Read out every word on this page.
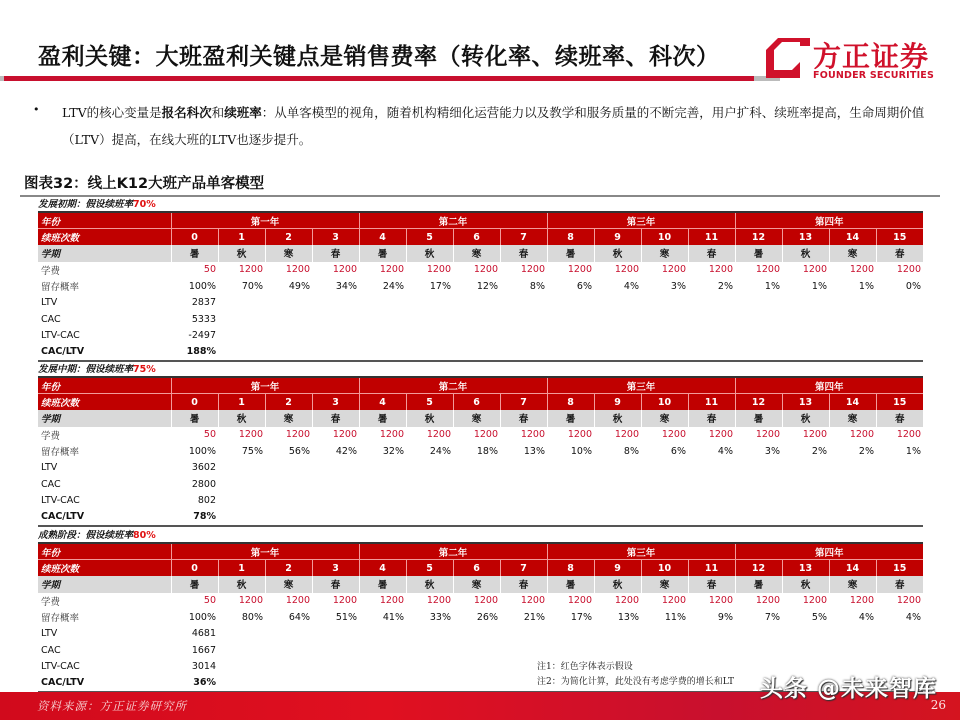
盈利关键：大班盈利关键点是销售费率（转化率、续班率、科次）	方正证券
FOUNDER SECURITIES
• LTV的核心变量是报名科次和续班率：从单客模型的视角，随着机构精细化运营能力以及教学和服务质量的不断完善，用户扩科、续班率提高，生命周期价值（LTV）提高，在线大班的LTV也逐步提升。
图表32：线上K12大班产品单客模型
发展初期：假设续班率70%
年份	第一年				第二年				第三年				第四年			
续班次数	0	1	2	3	4	5	6	7	8	9	10	11	12	13	14	15
学期	暑	秋	寒	春	暑	秋	寒	春	暑	秋	寒	春	暑	秋	寒	春
学费	50	1200	1200	1200	1200	1200	1200	1200	1200	1200	1200	1200	1200	1200	1200	1200
留存概率	100%	70%	49%	34%	24%	17%	12%	8%	6%	4%	3%	2%	1%	1%	1%	0%
LTV	2837															
CAC	5333															
LTV-CAC	-2497															
CAC/LTV	188%															
发展中期：假设续班率75%
年份	第一年				第二年				第三年				第四年			
续班次数	0	1	2	3	4	5	6	7	8	9	10	11	12	13	14	15
学期	暑	秋	寒	春	暑	秋	寒	春	暑	秋	寒	春	暑	秋	寒	春
学费	50	1200	1200	1200	1200	1200	1200	1200	1200	1200	1200	1200	1200	1200	1200	1200
留存概率	100%	75%	56%	42%	32%	24%	18%	13%	10%	8%	6%	4%	3%	2%	2%	1%
LTV	3602															
CAC	2800															
LTV-CAC	802															
CAC/LTV	78%															
成熟阶段：假设续班率80%
年份	第一年				第二年				第三年				第四年			
续班次数	0	1	2	3	4	5	6	7	8	9	10	11	12	13	14	15
学期	暑	秋	寒	春	暑	秋	寒	春	暑	秋	寒	春	暑	秋	寒	春
学费	50	1200	1200	1200	1200	1200	1200	1200	1200	1200	1200	1200	1200	1200	1200	1200
留存概率	100%	80%	64%	51%	41%	33%	26%	21%	17%	13%	11%	9%	7%	5%	4%	4%
LTV	4681															
CAC	1667															
LTV-CAC	3014															
CAC/LTV	36%															
注1：红色字体表示假设
注2：为简化计算，此处没有考虑学费的增长和LT
资料来源：方正证券研究所	26
头条 @未来智库
